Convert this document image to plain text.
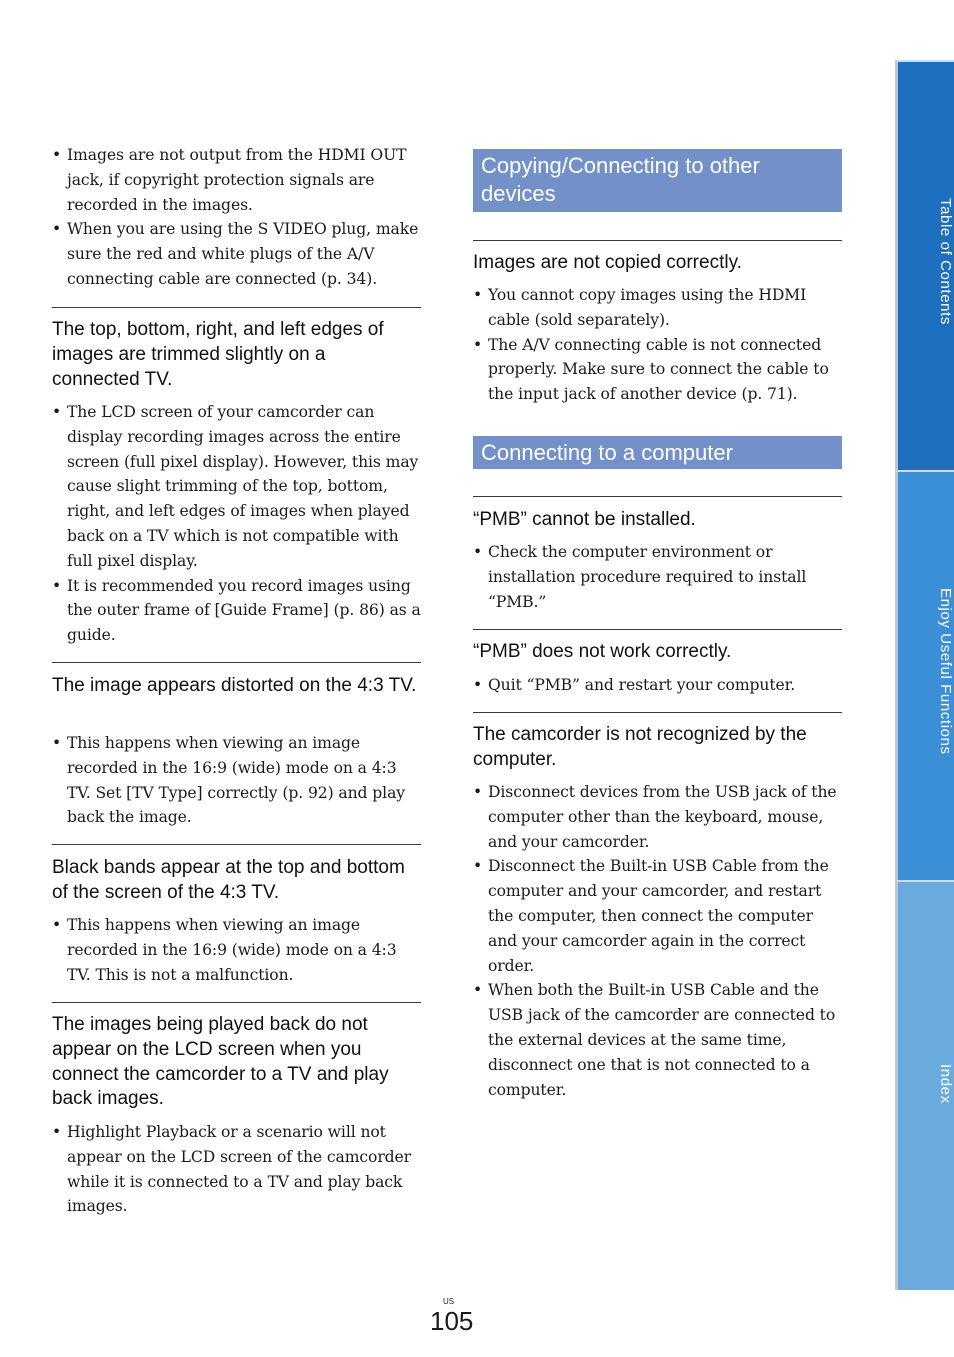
• Images are not output from the HDMI OUT jack, if copyright protection signals are recorded in the images.
• When you are using the S VIDEO plug, make sure the red and white plugs of the A/V connecting cable are connected (p. 34).
The top, bottom, right, and left edges of images are trimmed slightly on a connected TV.
• The LCD screen of your camcorder can display recording images across the entire screen (full pixel display). However, this may cause slight trimming of the top, bottom, right, and left edges of images when played back on a TV which is not compatible with full pixel display.
• It is recommended you record images using the outer frame of [Guide Frame] (p. 86) as a guide.
The image appears distorted on the 4:3 TV.
• This happens when viewing an image recorded in the 16:9 (wide) mode on a 4:3 TV. Set [TV Type] correctly (p. 92) and play back the image.
Black bands appear at the top and bottom of the screen of the 4:3 TV.
• This happens when viewing an image recorded in the 16:9 (wide) mode on a 4:3 TV. This is not a malfunction.
The images being played back do not appear on the LCD screen when you connect the camcorder to a TV and play back images.
• Highlight Playback or a scenario will not appear on the LCD screen of the camcorder while it is connected to a TV and play back images.
Copying/Connecting to other devices
Images are not copied correctly.
• You cannot copy images using the HDMI cable (sold separately).
• The A/V connecting cable is not connected properly. Make sure to connect the cable to the input jack of another device (p. 71).
Connecting to a computer
“PMB” cannot be installed.
• Check the computer environment or installation procedure required to install “PMB.”
“PMB” does not work correctly.
• Quit “PMB” and restart your computer.
The camcorder is not recognized by the computer.
• Disconnect devices from the USB jack of the computer other than the keyboard, mouse, and your camcorder.
• Disconnect the Built-in USB Cable from the computer and your camcorder, and restart the computer, then connect the computer and your camcorder again in the correct order.
• When both the Built-in USB Cable and the USB jack of the camcorder are connected to the external devices at the same time, disconnect one that is not connected to a computer.
Table of Contents
Enjoy Useful Functions
Index
US
105
